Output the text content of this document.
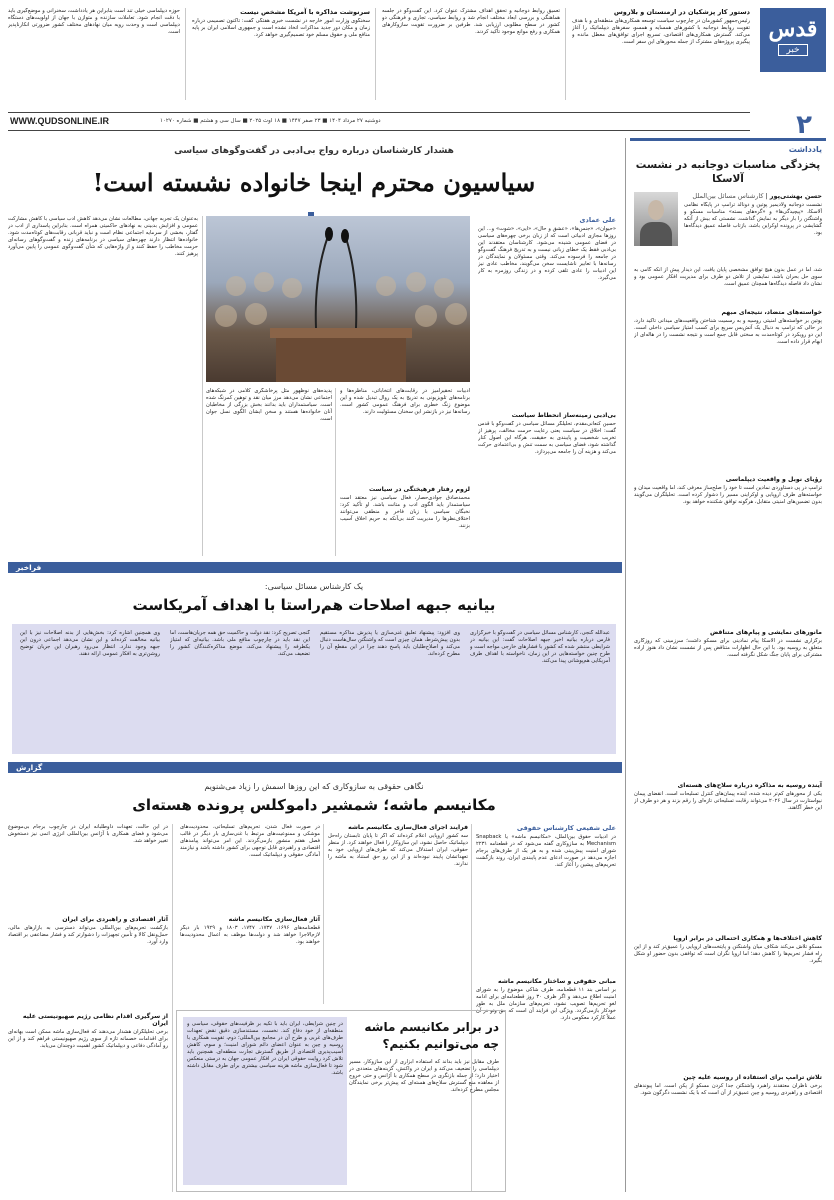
قدس
خبر
۲
دستور کار پزشکیان در ارمنستان و بلاروس
رئیس‌جمهور کشورمان در چارچوب سیاست توسعه همکاری‌های منطقه‌ای و با هدف تقویت روابط دوجانبه با کشورهای همسایه و همسو، سفرهای دیپلماتیک را آغاز می‌کند. گسترش همکاری‌های اقتصادی، تسریع اجرای توافق‌های معطل مانده و پیگیری پروژه‌های مشترک از جمله محورهای این سفر است.
تعمیق روابط دوجانبه و تحقق اهداف مشترک عنوان کرد. این گفت‌وگو در جلسه هماهنگی و بررسی ابعاد مختلف انجام شد و روابط سیاسی، تجاری و فرهنگی دو کشور در سطح مطلوبی ارزیابی شد. طرفین بر ضرورت تقویت سازوکارهای همکاری و رفع موانع موجود تأکید کردند.
سرنوشت مذاکره با آمریکا مشخص نیست
سخنگوی وزارت امور خارجه در نشست خبری هفتگی گفت: تاکنون تصمیمی درباره زمان و مکان دور جدید مذاکرات اتخاذ نشده است و جمهوری اسلامی ایران بر پایه منافع ملی و حقوق مسلم خود تصمیم‌گیری خواهد کرد.
حوزه دیپلماسی خیلی تند است بنابراین هر یادداشت، سخنرانی و موضع‌گیری باید با دقت انجام شود. تعاملات سازنده و متوازن با جهان از اولویت‌های دستگاه دیپلماسی است و وحدت رویه میان نهادهای مختلف کشور ضرورتی انکارناپذیر است.
WWW.QUDSONLINE.IR	دوشنبه ۲۷ مرداد ۱۴۰۴ ■ ۲۳ صفر ۱۴۴۷ ■ ۱۸ اوت ۲۰۲۵ ■ سال سی و هشتم ■ شماره ۱۰۲۷۰
یادداشت
پخزدگی مناسبات دوجانبه در نشست آلاسکا
حسن بهشتی‌پور | کارشناس مسائل بین‌الملل
نشست دوجانبه ولادیمیر پوتین و دونالد ترامپ در پایگاه نظامی آلاسکا، «پیچیدگی‌ها» و «گره‌های بسته» مناسبات مسکو و واشنگتن را بار دیگر به نمایش گذاشت. نشستی که بیش از آنکه گشایشی در پرونده اوکراین باشد، بازتاب فاصله عمیق دیدگاه‌ها بود.
شد، اما در عمل بدون هیچ توافق مشخصی پایان یافت. این دیدار پیش از آنکه گامی به سوی حل بحران باشد، نمایشی از تلاش دو طرف برای مدیریت افکار عمومی بود و نشان داد فاصله دیدگاه‌ها همچنان عمیق است.
خواسته‌های متضاد، نتیجه‌ای مبهم
پوتین بر خواسته‌های امنیتی روسیه و به رسمیت شناختن واقعیت‌های میدانی تأکید دارد، در حالی که ترامپ به دنبال یک آتش‌بس سریع برای کسب امتیاز سیاسی داخلی است. این دو رویکرد در کوتاه‌مدت به سختی قابل جمع است و نتیجه نشست را در هاله‌ای از ابهام قرار داده است.
رؤیای نوبل و واقعیت دیپلماسی
ترامپ در پی دستاوردی نمادین است تا خود را صلح‌ساز معرفی کند، اما واقعیت میدان و خواسته‌های طرف اروپایی و اوکراینی مسیر را دشوار کرده است. تحلیلگران می‌گویند بدون تضمین‌های امنیتی متقابل، هرگونه توافق شکننده خواهد بود.
مانورهای نمایشی و پیام‌های متناقض
برگزاری نشست در آلاسکا پیام نمادینی برای مسکو داشت؛ سرزمینی که روزگاری متعلق به روسیه بود. با این حال اظهارات متناقض پس از نشست نشان داد هنوز اراده مشترکی برای پایان جنگ شکل نگرفته است.
آینده روسیه به مذاکره درباره سلاح‌های هسته‌ای
یکی از محورهای کم‌تر دیده شده، آینده پیمان‌های کنترل تسلیحات است. انقضای پیمان نیواستارت در سال ۲۰۲۶ می‌تواند رقابت تسلیحاتی تازه‌ای را رقم بزند و هر دو طرف از این خطر آگاهند.
کاهش اختلاف‌ها و همکاری احتمالی در برابر اروپا
مسکو تلاش می‌کند شکاف میان واشنگتن و پایتخت‌های اروپایی را عمیق‌تر کند و از این راه فشار تحریم‌ها را کاهش دهد؛ اما اروپا نگران است که توافقی بدون حضور او شکل بگیرد.
تلاش ترامپ برای استفاده از روسیه علیه چین
برخی ناظران معتقدند راهبرد واشنگتن جدا کردن مسکو از پکن است. اما پیوندهای اقتصادی و راهبردی روسیه و چین عمیق‌تر از آن است که با یک نشست دگرگون شود.
هشدار کارشناسان درباره رواج بی‌ادبی در گفت‌وگوهای سیاسی
سیاسیون محترم اینجا خانواده نشسته است!
علی عمادی
«حیوان»، «جنس‌ها»، «عشق و حال»، «آیی»، «شوت» و... این روزها مجازی ادبیاتی است که از زبان برخی چهره‌های سیاسی در فضای عمومی شنیده می‌شود. کارشناسان معتقدند این بی‌ادبی فقط یک خطای زبانی نیست و به تدریج فرهنگ گفت‌وگو در جامعه را فرسوده می‌کند. وقتی مسئولان و نمایندگان در رسانه‌ها با تعابیر ناشایست سخن می‌گویند، مخاطب عادی نیز این ادبیات را عادی تلقی کرده و در زندگی روزمره به کار می‌گیرد.
بی‌ادبی زمینه‌ساز انحطاط سیاست
حسین کنعانی‌مقدم، تحلیلگر مسائل سیاسی در گفت‌وگو با قدس گفت: اخلاق در سیاست یعنی رعایت حرمت مخالف، پرهیز از تخریب شخصیت و پایبندی به حقیقت. هرگاه این اصول کنار گذاشته شود، فضای سیاسی به سمت تنش و بی‌اعتمادی حرکت می‌کند و هزینه آن را جامعه می‌پردازد.
ادبیات تحقیرآمیز در رقابت‌های انتخاباتی، مناظره‌ها و برنامه‌های تلویزیونی به تدریج به یک روال تبدیل شده و این موضوع زنگ خطری برای فرهنگ عمومی کشور است. رسانه‌ها نیز در بازنشر این سخنان مسئولیت دارند.
لزوم رفتار فرهیختگی در سیاست
محمدصادق جوادی‌حصار، فعال سیاسی نیز معتقد است سیاستمدار باید الگوی ادب و متانت باشد. او تأکید کرد: نخبگان سیاسی با زبان فاخر و منطقی می‌توانند اختلاف‌نظرها را مدیریت کنند بی‌آنکه به حریم اخلاق آسیب بزنند.
پدیده‌های نوظهور مثل پرخاشگری کلامی در شبکه‌های اجتماعی نشان می‌دهد مرز میان نقد و توهین کمرنگ شده است. سیاستمداران باید بدانند بخش بزرگی از مخاطبان آنان خانواده‌ها هستند و سخن ایشان الگوی نسل جوان است.
به‌عنوان یک تجربه جهانی، مطالعات نشان می‌دهد کاهش ادب سیاسی با کاهش مشارکت عمومی و افزایش بدبینی به نهادهای حاکمیتی همراه است. بنابراین پاسداری از ادب در گفتار، بخشی از سرمایه اجتماعی نظام است و نباید قربانی رقابت‌های کوتاه‌مدت شود. خانواده‌ها انتظار دارند چهره‌های سیاسی در برنامه‌های زنده و گفت‌وگوهای رسانه‌ای حرمت مخاطب را حفظ کنند و از واژه‌هایی که شأن گفت‌وگوی عمومی را پایین می‌آورد پرهیز کنند.
فراخبر
یک کارشناس مسائل سیاسی:
بیانیه جبهه اصلاحات هم‌راستا با اهداف آمریکاست
عبدالله گنجی، کارشناس مسائل سیاسی در گفت‌وگو با خبرگزاری فارس درباره بیانیه اخیر جبهه اصلاحات گفت: این بیانیه در شرایطی منتشر شده که کشور با فشارهای خارجی مواجه است و طرح چنین خواسته‌هایی در این زمان، ناخواسته با اهداف طرف آمریکایی هم‌پوشانی پیدا می‌کند.
وی افزود: پیشنهاد تعلیق غنی‌سازی یا پذیرش مذاکره مستقیم بدون پیش‌شرط، همان چیزی است که واشنگتن سال‌هاست دنبال می‌کند و اصلاح‌طلبان باید پاسخ دهند چرا در این مقطع آن را مطرح کرده‌اند.
گنجی تصریح کرد: نقد دولت و حاکمیت حق همه جریان‌هاست، اما این نقد باید در چارچوب منافع ملی باشد. بیانیه‌ای که امتیاز یکطرفه را پیشنهاد می‌کند، موضع مذاکره‌کنندگان کشور را تضعیف می‌کند.
وی همچنین اشاره کرد: بخش‌هایی از بدنه اصلاحات نیز با این بیانیه مخالفت کرده‌اند و این نشان می‌دهد اجماعی درون این جبهه وجود ندارد. انتظار می‌رود رهبران این جریان توضیح روشن‌تری به افکار عمومی ارائه دهند.
گزارش
نگاهی حقوقی به سازوکاری که این روزها اسمش را زیاد می‌شنویم
مکانیسم ماشه؛ شمشیر داموکلس پرونده هسته‌ای
علی شفیعی کارشناس حقوقی
در ادبیات حقوق بین‌الملل، «مکانیسم ماشه» یا Snapback Mechanism به سازوکاری گفته می‌شود که در قطعنامه ۲۲۳۱ شورای امنیت پیش‌بینی شده و به هر یک از طرف‌های برجام اجازه می‌دهد در صورت ادعای عدم پایبندی ایران، روند بازگشت تحریم‌های پیشین را آغاز کند.
مبانی حقوقی و ساختار مکانیسم ماشه
بر اساس بند ۱۱ قطعنامه، طرف شاکی موضوع را به شورای امنیت اطلاع می‌دهد و اگر ظرف ۳۰ روز قطعنامه‌ای برای ادامه لغو تحریم‌ها تصویب نشود، تحریم‌های سازمان ملل به طور خودکار بازمی‌گردد. ویژگی این فرایند آن است که حق وتو در آن عملاً کارکرد معکوس دارد.
فرایند اجرای فعال‌سازی مکانیسم ماشه
سه کشور اروپایی اعلام کرده‌اند که اگر تا پایان تابستان راه‌حل دیپلماتیک حاصل نشود، این سازوکار را فعال خواهند کرد. از منظر حقوقی، ایران استدلال می‌کند که طرف‌های اروپایی خود به تعهداتشان پایبند نبوده‌اند و از این رو حق استناد به ماشه را ندارند.
در صورت فعال شدن، تحریم‌های تسلیحاتی، محدودیت‌های موشکی و ممنوعیت‌های مرتبط با غنی‌سازی بار دیگر در قالب فصل هفتم منشور بازمی‌گردند. این امر می‌تواند پیامدهای اقتصادی و راهبردی قابل توجهی برای کشور داشته باشد و نیازمند آمادگی حقوقی و دیپلماتیک است.
آثار فعال‌سازی مکانیسم ماشه
قطعنامه‌های ۱۶۹۶، ۱۷۳۷، ۱۷۴۷، ۱۸۰۳ و ۱۹۲۹ بار دیگر لازم‌الاجرا خواهد شد و دولت‌ها موظف به اعمال محدودیت‌ها خواهند بود.
در این حالت، تعهدات داوطلبانه ایران در چارچوب برجام بی‌موضوع می‌شود و فضای همکاری با آژانس بین‌المللی انرژی اتمی نیز دستخوش تغییر خواهد شد.
آثار اقتصادی و راهبردی برای ایران
بازگشت تحریم‌های بین‌المللی می‌تواند دسترسی به بازارهای مالی، حمل‌ونقل کالا و تأمین تجهیزات را دشوارتر کند و فشار مضاعفی بر اقتصاد وارد آورد.
از سرگیری اقدام نظامی رژیم صهیونیستی علیه ایران
برخی تحلیلگران هشدار می‌دهند که فعال‌سازی ماشه ممکن است بهانه‌ای برای اقدامات خصمانه تازه از سوی رژیم صهیونیستی فراهم کند و از این رو آمادگی دفاعی و دیپلماتیک کشور اهمیت دوچندان می‌یابد.
در برابر مکانیسم ماشه چه می‌توانیم بکنیم؟
در چنین شرایطی، ایران باید با تکیه بر ظرفیت‌های حقوقی، سیاسی و منطقه‌ای از خود دفاع کند. نخست، مستندسازی دقیق نقض تعهدات طرف‌های غربی و طرح آن در مجامع بین‌المللی؛ دوم، تقویت همکاری با روسیه و چین به عنوان اعضای دائم شورای امنیت؛ و سوم، کاهش آسیب‌پذیری اقتصادی از طریق گسترش تجارت منطقه‌ای. همچنین باید تلاش کرد روایت حقوقی ایران در افکار عمومی جهان به درستی منعکس شود تا فعال‌سازی ماشه هزینه سیاسی بیشتری برای طرف مقابل داشته باشد.
طرف مقابل نیز باید بداند که استفاده ابزاری از این سازوکار، مسیر دیپلماسی را تضعیف می‌کند و ایران در واکنش، گزینه‌های متعددی در اختیار دارد؛ از جمله بازنگری در سطح همکاری با آژانس و حتی خروج از معاهده منع گسترش سلاح‌های هسته‌ای که پیش‌تر برخی نمایندگان مجلس مطرح کرده‌اند.
